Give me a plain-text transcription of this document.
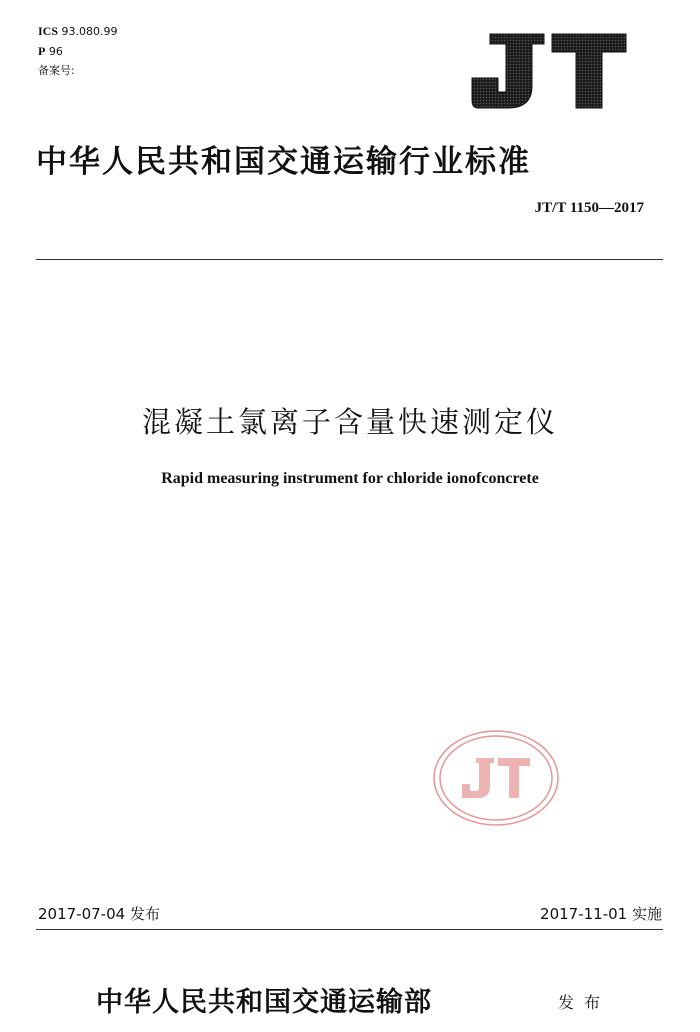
ICS 93.080.99
P 96
备案号:
中华人民共和国交通运输行业标准
JT/T 1150—2017
混凝土氯离子含量快速测定仪
Rapid measuring instrument for chloride ionofconcrete
2017-07-04 发布	2017-11-01 实施
中华人民共和国交通运输部	发布
